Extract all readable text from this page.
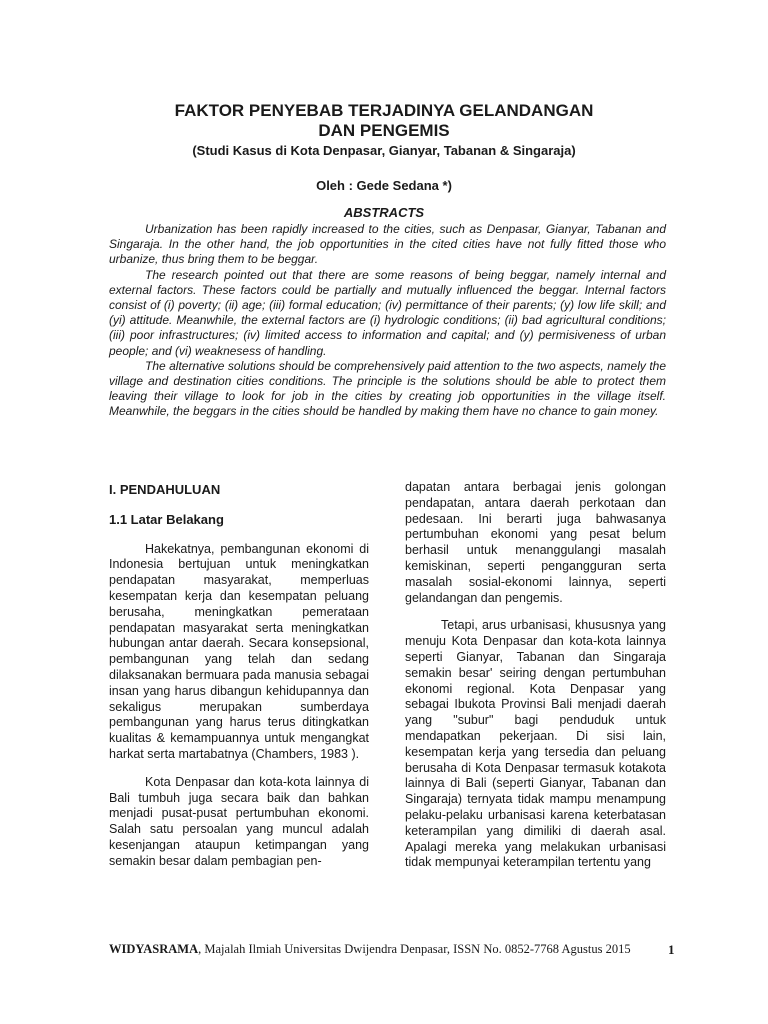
FAKTOR PENYEBAB TERJADINYA GELANDANGAN
DAN PENGEMIS
(Studi Kasus di Kota Denpasar, Gianyar, Tabanan & Singaraja)
Oleh : Gede Sedana *)
ABSTRACTS

Urbanization has been rapidly increased to the cities, such as Denpasar, Gianyar, Tabanan and Singaraja. In the other hand, the job opportunities in the cited cities have not fully fitted those who urbanize, thus bring them to be beggar.

The research pointed out that there are some reasons of being beggar, namely internal and external factors. These factors could be partially and mutually influenced the beggar. Internal factors consist of (i) poverty; (ii) age; (iii) formal education; (iv) permittance of their parents; (y) low life skill; and (yi) attitude. Meanwhile, the external factors are (i) hydrologic conditions; (ii) bad agricultural conditions; (iii) poor infrastructures; (iv) limited access to information and capital; and (y) permisiveness of urban people; and (vi) weaknesess of handling.

The alternative solutions should be comprehensively paid attention to the two aspects, namely the village and destination cities conditions. The principle is the solutions should be able to protect them leaving their village to look for job in the cities by creating job opportunities in the village itself. Meanwhile, the beggars in the cities should be handled by making them have no chance to gain money.

I. PENDAHULUAN
1.1 Latar Belakang

Hakekatnya, pembangunan ekonomi di Indonesia bertujuan untuk meningkatkan pendapatan masyarakat, memperluas kesempatan kerja dan kesempatan peluang berusaha, meningkatkan pemerataan pendapatan masyarakat serta meningkatkan hubungan antar daerah. Secara konsepsional, pembangunan yang telah dan sedang dilaksanakan bermuara pada manusia sebagai insan yang harus dibangun kehidupannya dan sekaligus merupakan sumberdaya pembangunan yang harus terus ditingkatkan kualitas & kemampuannya untuk mengangkat harkat serta martabatnya (Chambers, 1983 ).

Kota Denpasar dan kota-kota lainnya di Bali tumbuh juga secara baik dan bahkan menjadi pusat-pusat pertumbuhan ekonomi. Salah satu persoalan yang muncul adalah kesenjangan ataupun ketimpangan yang semakin besar dalam pembagian pen-

dapatan antara berbagai jenis golongan pendapatan, antara daerah perkotaan dan pedesaan. Ini berarti juga bahwasanya pertumbuhan ekonomi yang pesat belum berhasil untuk menanggulangi masalah kemiskinan, seperti pengangguran serta masalah sosial-ekonomi lainnya, seperti gelandangan dan pengemis.

Tetapi, arus urbanisasi, khususnya yang menuju Kota Denpasar dan kota-kota lainnya seperti Gianyar, Tabanan dan Singaraja semakin besar' seiring dengan pertumbuhan ekonomi regional. Kota Denpasar yang sebagai Ibukota Provinsi Bali menjadi daerah yang "subur" bagi penduduk untuk mendapatkan pekerjaan. Di sisi lain, kesempatan kerja yang tersedia dan peluang berusaha di Kota Denpasar termasuk kotakota lainnya di Bali (seperti Gianyar, Tabanan dan Singaraja) ternyata tidak mampu menampung pelaku-pelaku urbanisasi karena keterbatasan keterampilan yang dimiliki di daerah asal. Apalagi mereka yang melakukan urbanisasi tidak mempunyai keterampilan tertentu yang

WIDYASRAMA, Majalah Ilmiah Universitas Dwijendra Denpasar, ISSN No. 0852-7768 Agustus 2015	1
